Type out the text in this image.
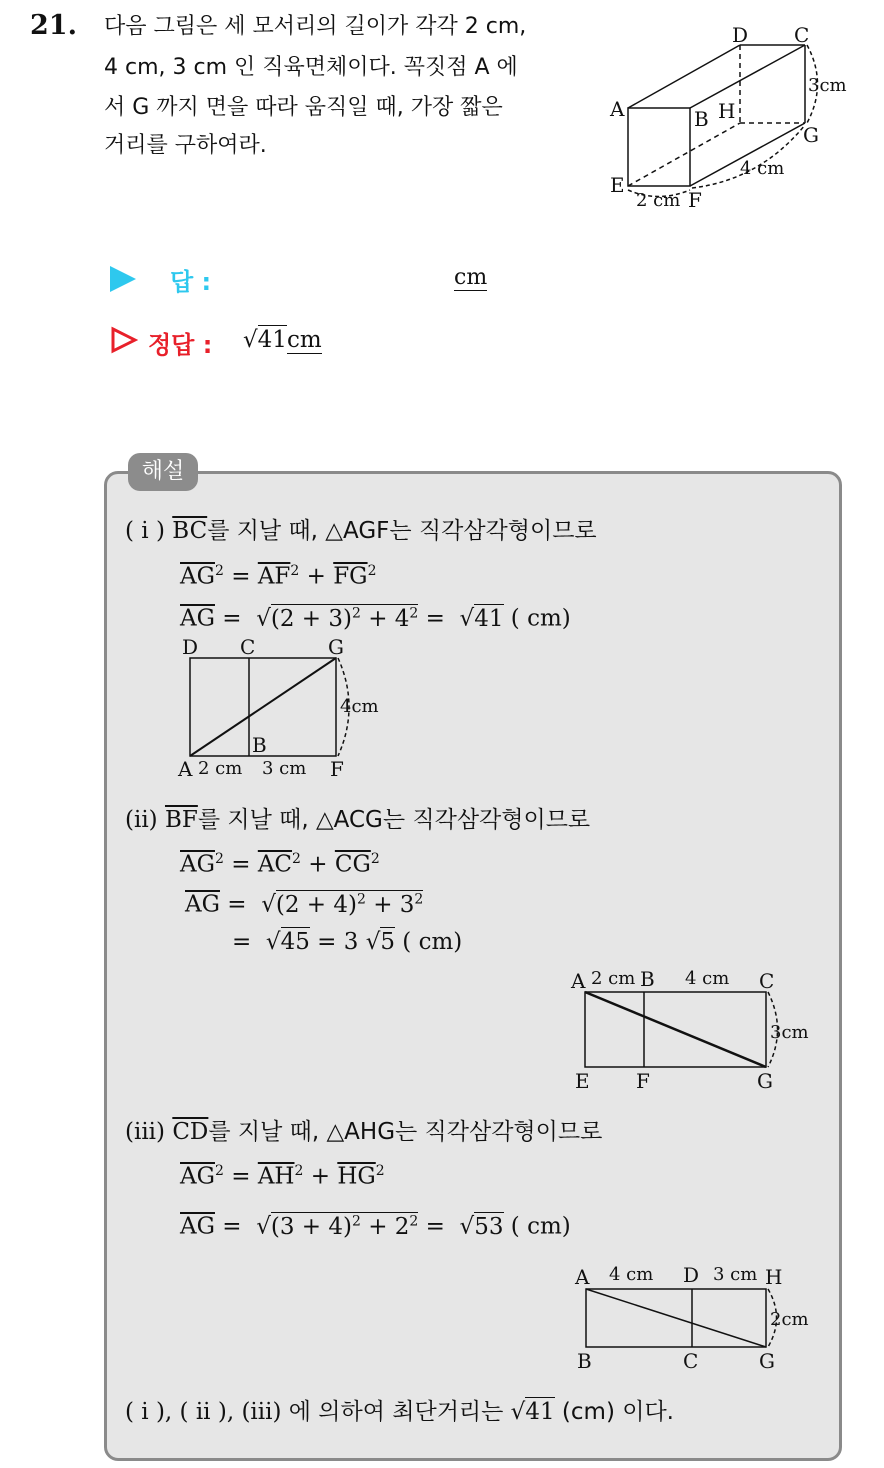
21. 다음 그림은 세 모서리의 길이가 각각 2 cm,
4 cm, 3 cm 인 직육면체이다. 꼭짓점 A 에
서 G 까지 면을 따라 움직일 때, 가장 짧은
거리를 구하여라.
D C
A	B H
G
E
F
3cm
4 cm
2 cm
답 :	cm
정답 : √41cm
해설
( i ) $\overline{BC}$를 지날 때, △AGF는 직각삼각형이므로
$\overline{AG}^2 = \overline{AF}^2 + \overline{FG}^2$
$\overline{AG} = √(2 + 3)^2 + 4^2 = √41$ ( cm)
D C	G
B
A	F
4cm
2 cm 3 cm
(ii) $\overline{BF}$를 지날 때, △ACG는 직각삼각형이므로
$\overline{AG}^2 = \overline{AC}^2 + \overline{CG}^2$
$\overline{AG} = √(2 + 4)^2 + 3^2$
=  √45 = 3 √5 ( cm)
A	B	C
E F	G
2 cm	4 cm
3cm
(iii) $\overline{CD}$를 지날 때, △AHG는 직각삼각형이므로
$\overline{AG}^2 = \overline{AH}^2 + \overline{HG}^2$
$\overline{AG} = √(3 + 4)^2 + 2^2 = √53$ ( cm)
A	D	H
B	C	G
4 cm	3 cm
2cm
( i ), ( ii ), (iii) 에 의하여 최단거리는 √41 (cm) 이다.
